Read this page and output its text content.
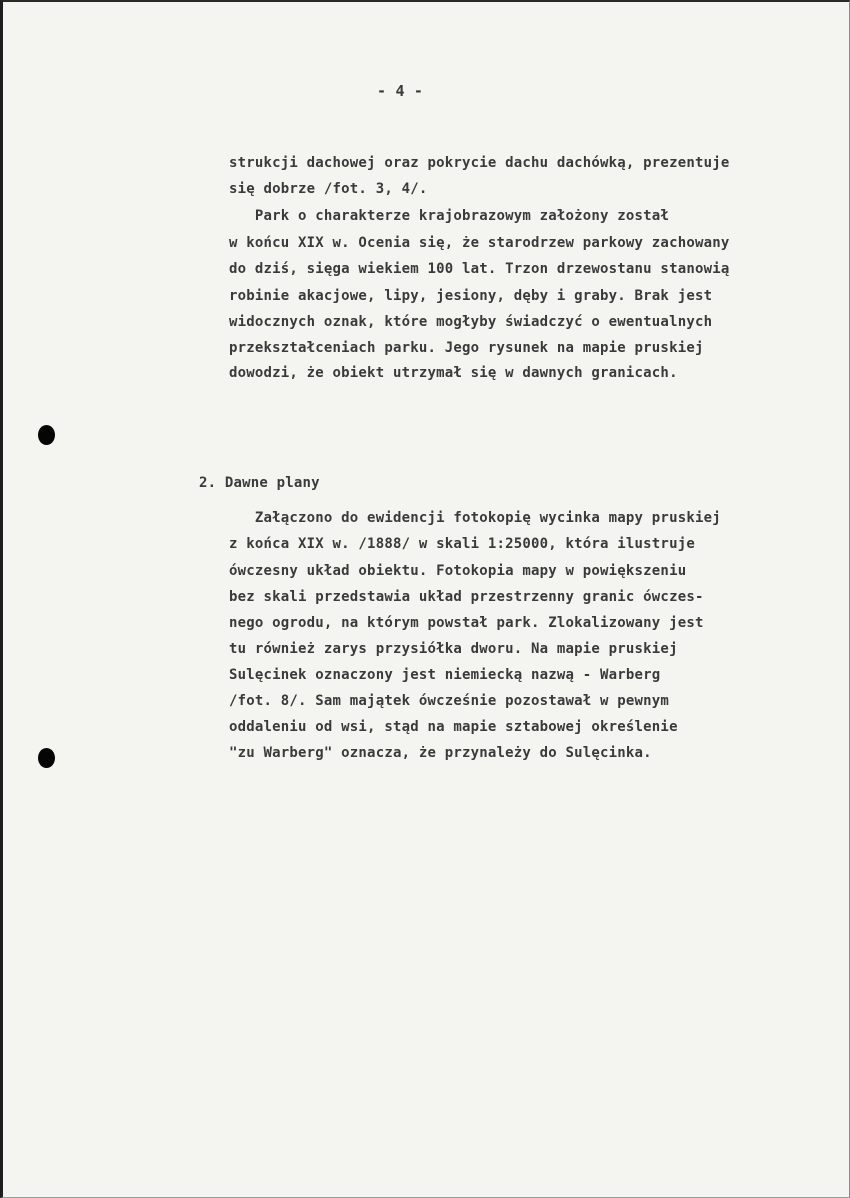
- 4 -
strukcji dachowej oraz pokrycie dachu dachówką, prezentuje
się dobrze /fot. 3, 4/.
Park o charakterze krajobrazowym założony został
w końcu XIX w. Ocenia się, że starodrzew parkowy zachowany
do dziś, sięga wiekiem 100 lat. Trzon drzewostanu stanowią
robinie akacjowe, lipy, jesiony, dęby i graby. Brak jest
widocznych oznak, które mogłyby świadczyć o ewentualnych
przekształceniach parku. Jego rysunek na mapie pruskiej
dowodzi, że obiekt utrzymał się w dawnych granicach.
2. Dawne plany
Załączono do ewidencji fotokopię wycinka mapy pruskiej
z końca XIX w. /1888/ w skali 1:25000, która ilustruje
ówczesny układ obiektu. Fotokopia mapy w powiększeniu
bez skali przedstawia układ przestrzenny granic ówczes-
nego ogrodu, na którym powstał park. Zlokalizowany jest
tu również zarys przysiółka dworu. Na mapie pruskiej
Sulęcinek oznaczony jest niemiecką nazwą - Warberg
/fot. 8/. Sam majątek ówcześnie pozostawał w pewnym
oddaleniu od wsi, stąd na mapie sztabowej określenie
"zu Warberg" oznacza, że przynależy do Sulęcinka.
